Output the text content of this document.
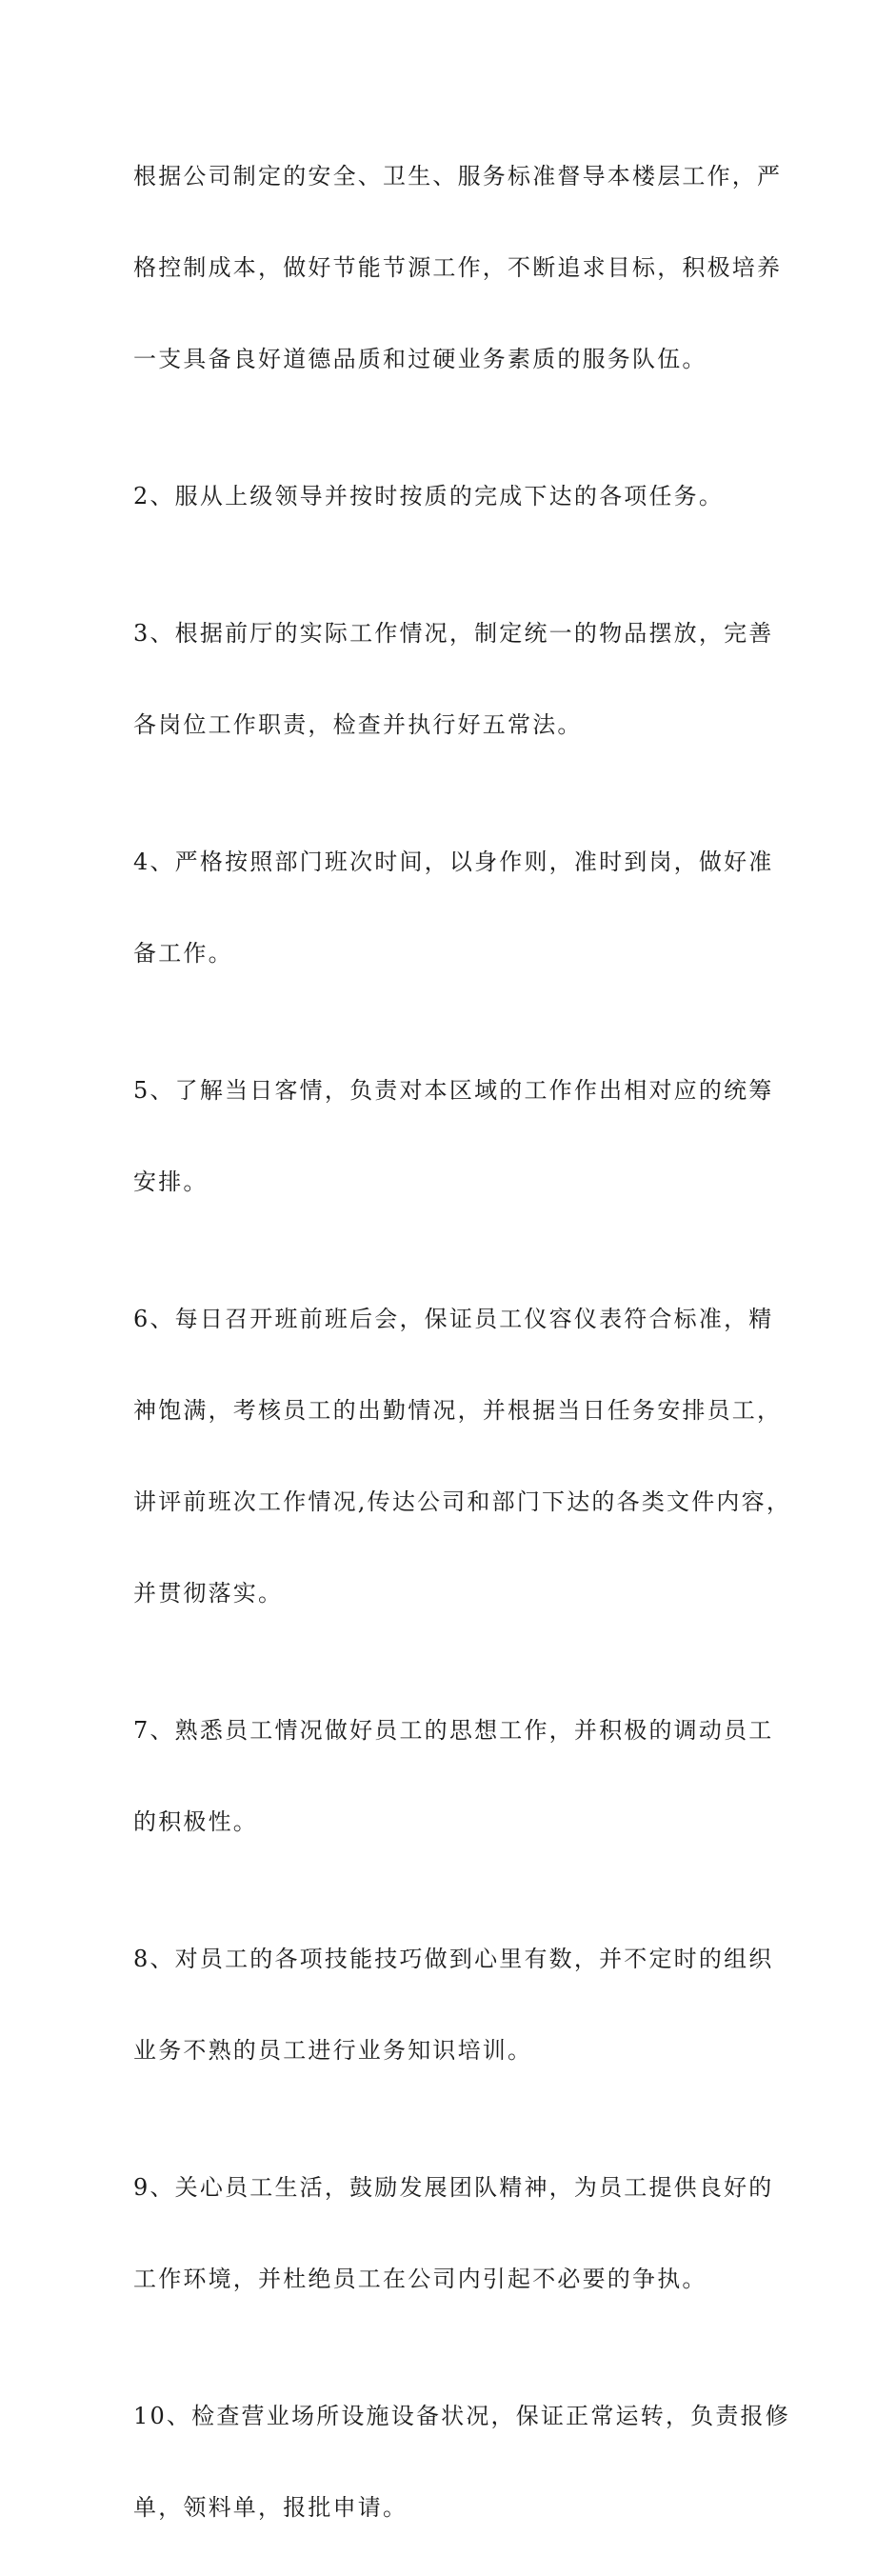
根据公司制定的安全、卫生、服务标准督导本楼层工作，严

格控制成本，做好节能节源工作，不断追求目标，积极培养

一支具备良好道德品质和过硬业务素质的服务队伍。

2、服从上级领导并按时按质的完成下达的各项任务。

3、根据前厅的实际工作情况，制定统一的物品摆放，完善

各岗位工作职责，检查并执行好五常法。

4、严格按照部门班次时间，以身作则，准时到岗，做好准

备工作。

5、了解当日客情，负责对本区域的工作作出相对应的统筹

安排。

6、每日召开班前班后会，保证员工仪容仪表符合标准，精

神饱满，考核员工的出勤情况，并根据当日任务安排员工，

讲评前班次工作情况,传达公司和部门下达的各类文件内容，

并贯彻落实。

7、熟悉员工情况做好员工的思想工作，并积极的调动员工

的积极性。

8、对员工的各项技能技巧做到心里有数，并不定时的组织

业务不熟的员工进行业务知识培训。

9、关心员工生活，鼓励发展团队精神，为员工提供良好的

工作环境，并杜绝员工在公司内引起不必要的争执。

10、检查营业场所设施设备状况，保证正常运转，负责报修

单，领料单，报批申请。
